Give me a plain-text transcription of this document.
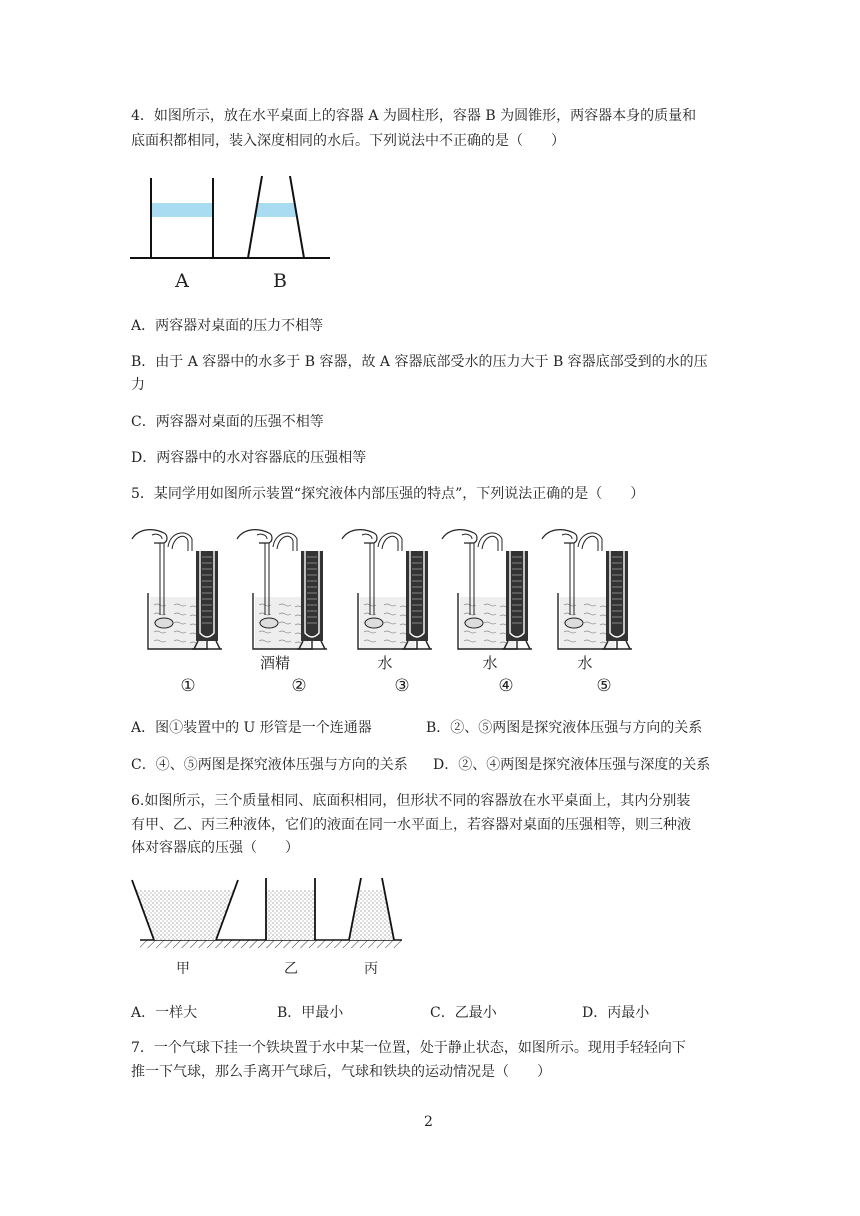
4．如图所示，放在水平桌面上的容器 A 为圆柱形，容器 B 为圆锥形，两容器本身的质量和
底面积都相同，装入深度相同的水后。下列说法中不正确的是（　　）
A	B
A．两容器对桌面的压力不相等
B．由于 A 容器中的水多于 B 容器，故 A 容器底部受水的压力大于 B 容器底部受到的水的压
力
C．两容器对桌面的压强不相等
D．两容器中的水对容器底的压强相等
5．某同学用如图所示装置“探究液体内部压强的特点”，下列说法正确的是（　　）
①
酒精
②
水
③
水
④
水
⑤
A．图①装置中的 U 形管是一个连通器	B．②、⑤两图是探究液体压强与方向的关系
C．④、⑤两图是探究液体压强与方向的关系 D．②、④两图是探究液体压强与深度的关系
6.如图所示，三个质量相同、底面积相同，但形状不同的容器放在水平桌面上，其内分别装
有甲、乙、丙三种液体，它们的液面在同一水平面上，若容器对桌面的压强相等，则三种液
体对容器底的压强（　　）
甲	乙	丙
A．一样大	B．甲最小	C．乙最小	D．丙最小
7．一个气球下挂一个铁块置于水中某一位置，处于静止状态，如图所示。现用手轻轻向下
推一下气球，那么手离开气球后，气球和铁块的运动情况是（　　）
2
